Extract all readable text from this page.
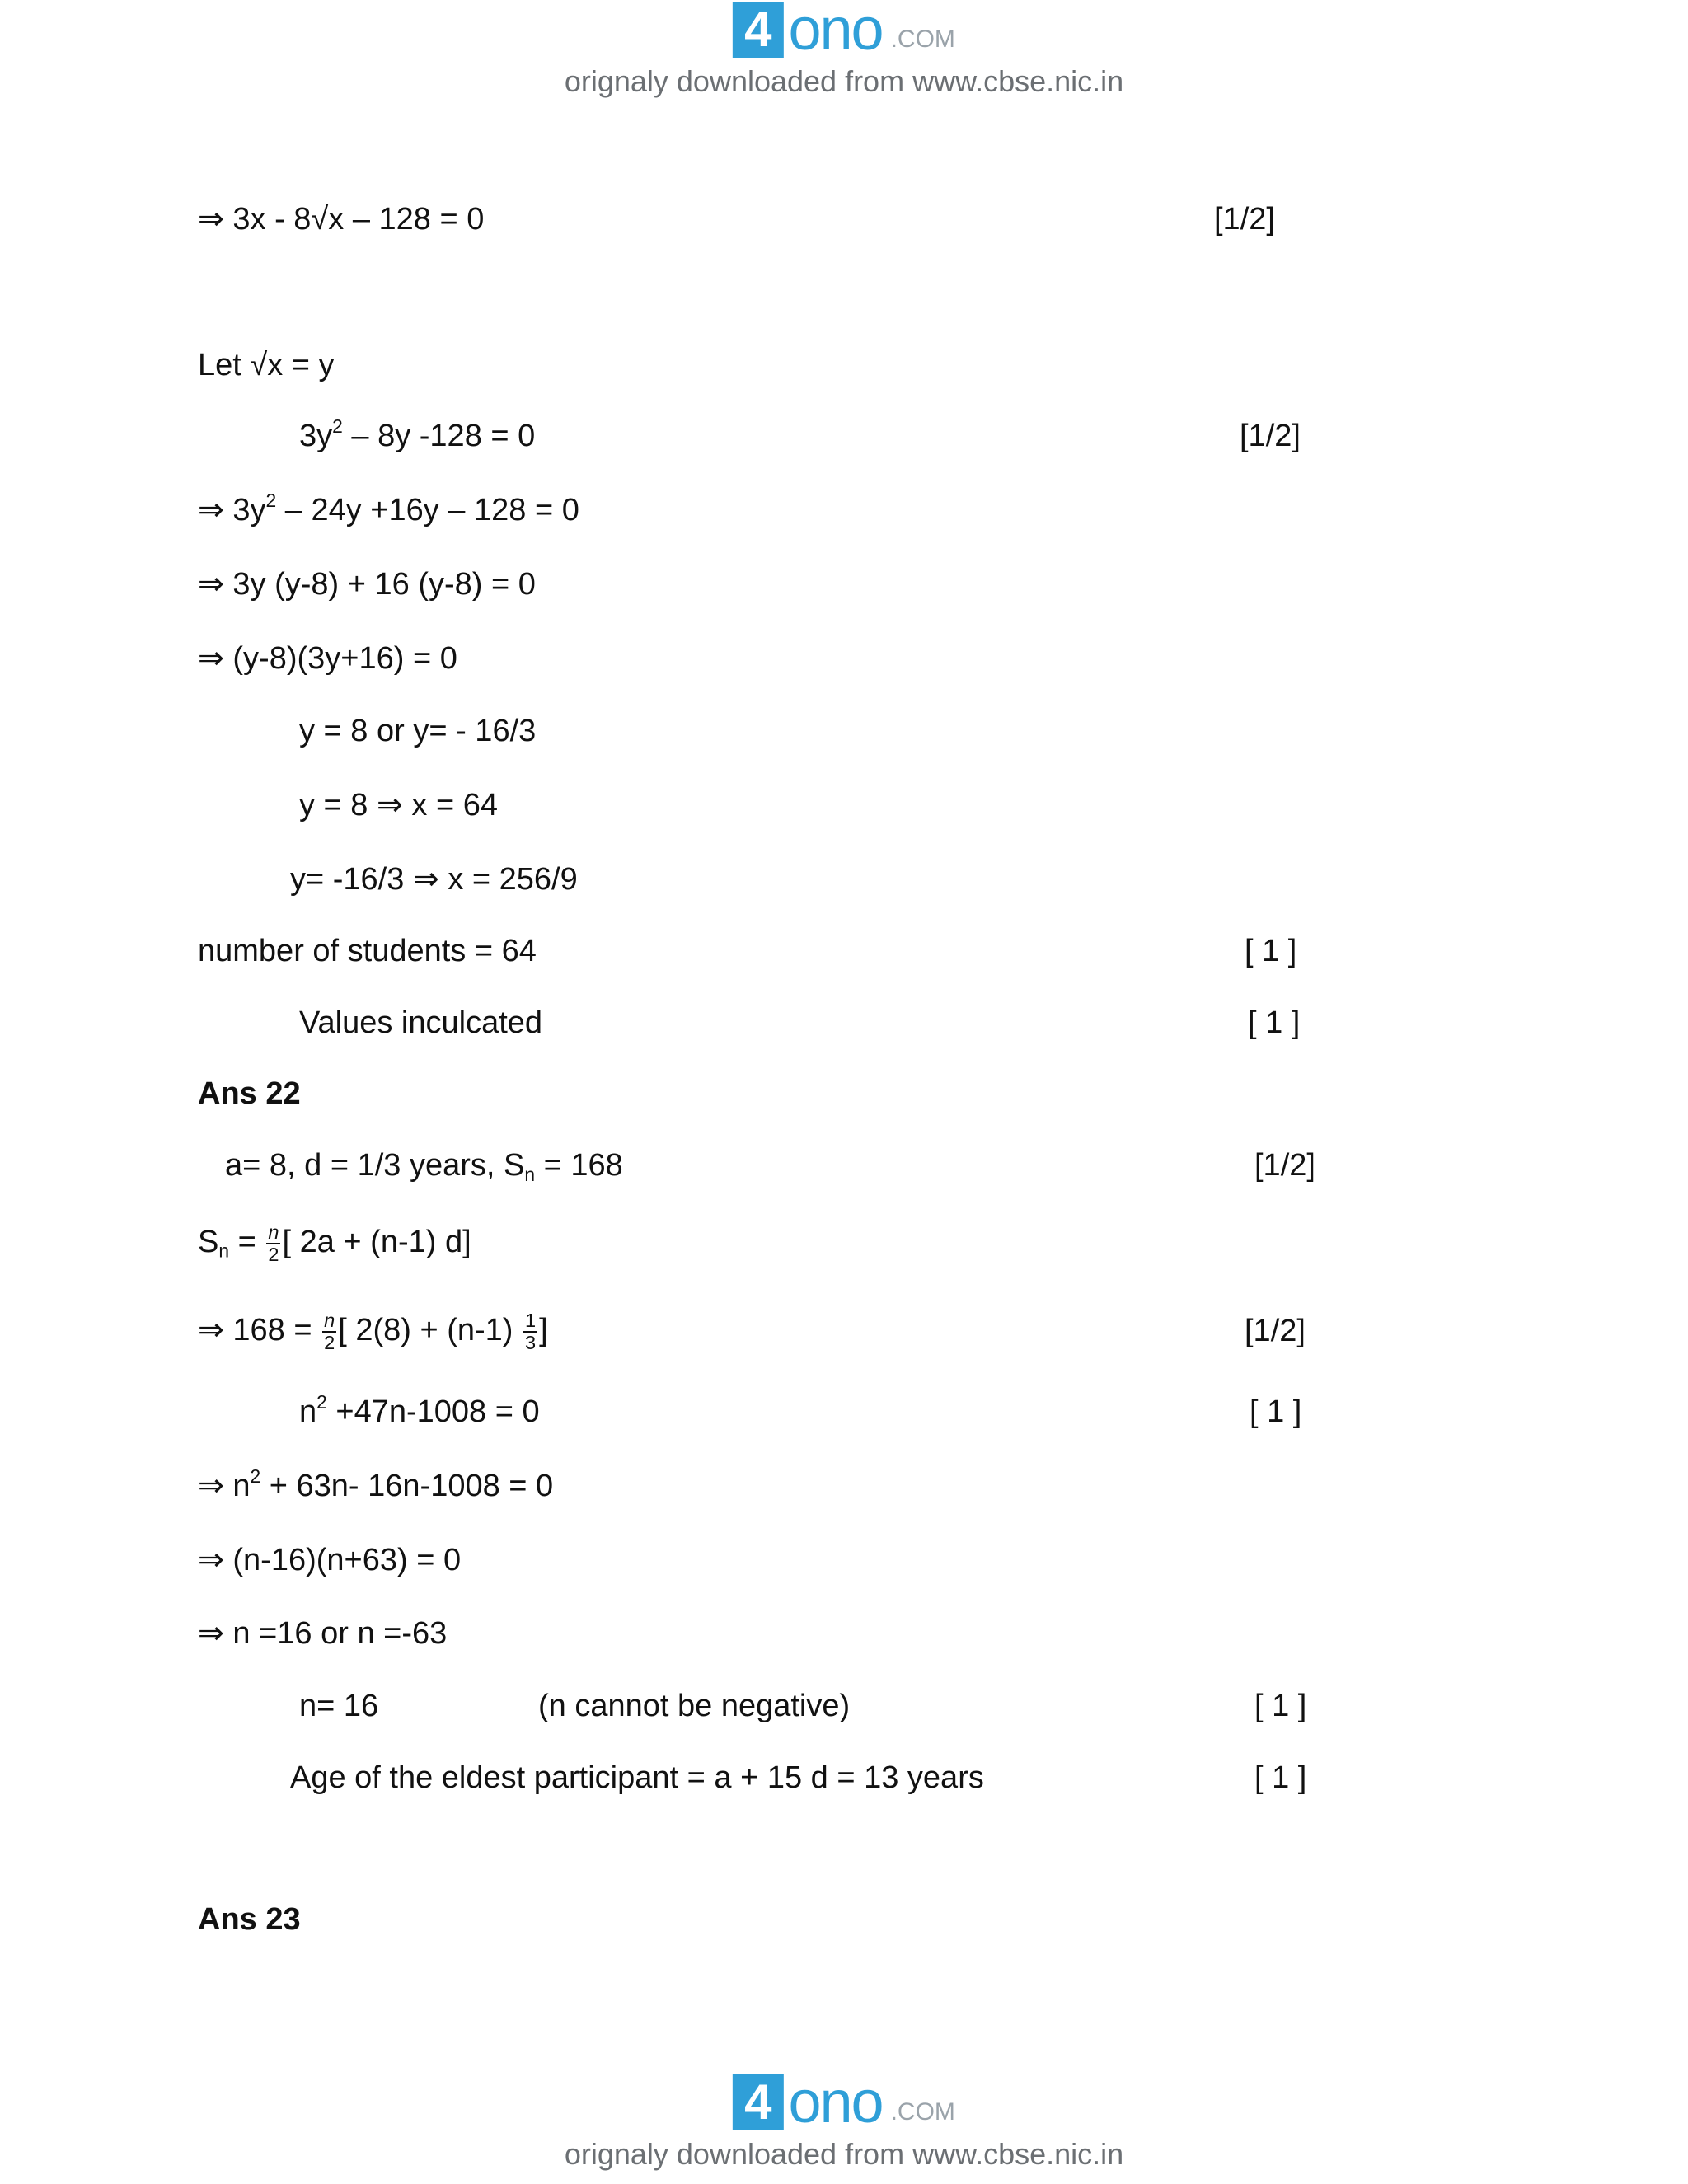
4 ono .COM
orignaly downloaded from www.cbse.nic.in
⇒ 3x - 8√x – 128 = 0	[1/2]
Let √x = y
$3y^2 - 8y$ -128 = 0	[1/2]
⇒ $3y^2 - 24y +16y - 128 = 0$
⇒ 3y (y-8) + 16 (y-8) = 0
⇒ (y-8)(3y+16) = 0
y = 8 or y= - 16/3
y = 8 ⇒ x = 64
y= -16/3 ⇒ x = 256/9
number of students = 64	[ 1 ]
Values inculcated	[ 1 ]
Ans 22
a= 8, d = 1/3 years, $S_n = 168$	[1/2]
$S_n = \frac{n}{2}$ [ 2a + (n-1) d]
⇒ $168 = \frac{n}{2}$ [ $2(8) + (n-1) \frac{1}{3}$ ]	[1/2]
$n^2 +47n-1008 = 0$	[ 1 ]
⇒ $n^2 + 63n-$ 16n-1008 = 0
⇒ (n-16)(n+63) = 0
⇒ n =16 or n =-63
n= 16	(n cannot be negative)	[ 1 ]
Age of the eldest participant = a + 15 d = 13 years	[ 1 ]
Ans 23
4 ono .COM
orignaly downloaded from www.cbse.nic.in
